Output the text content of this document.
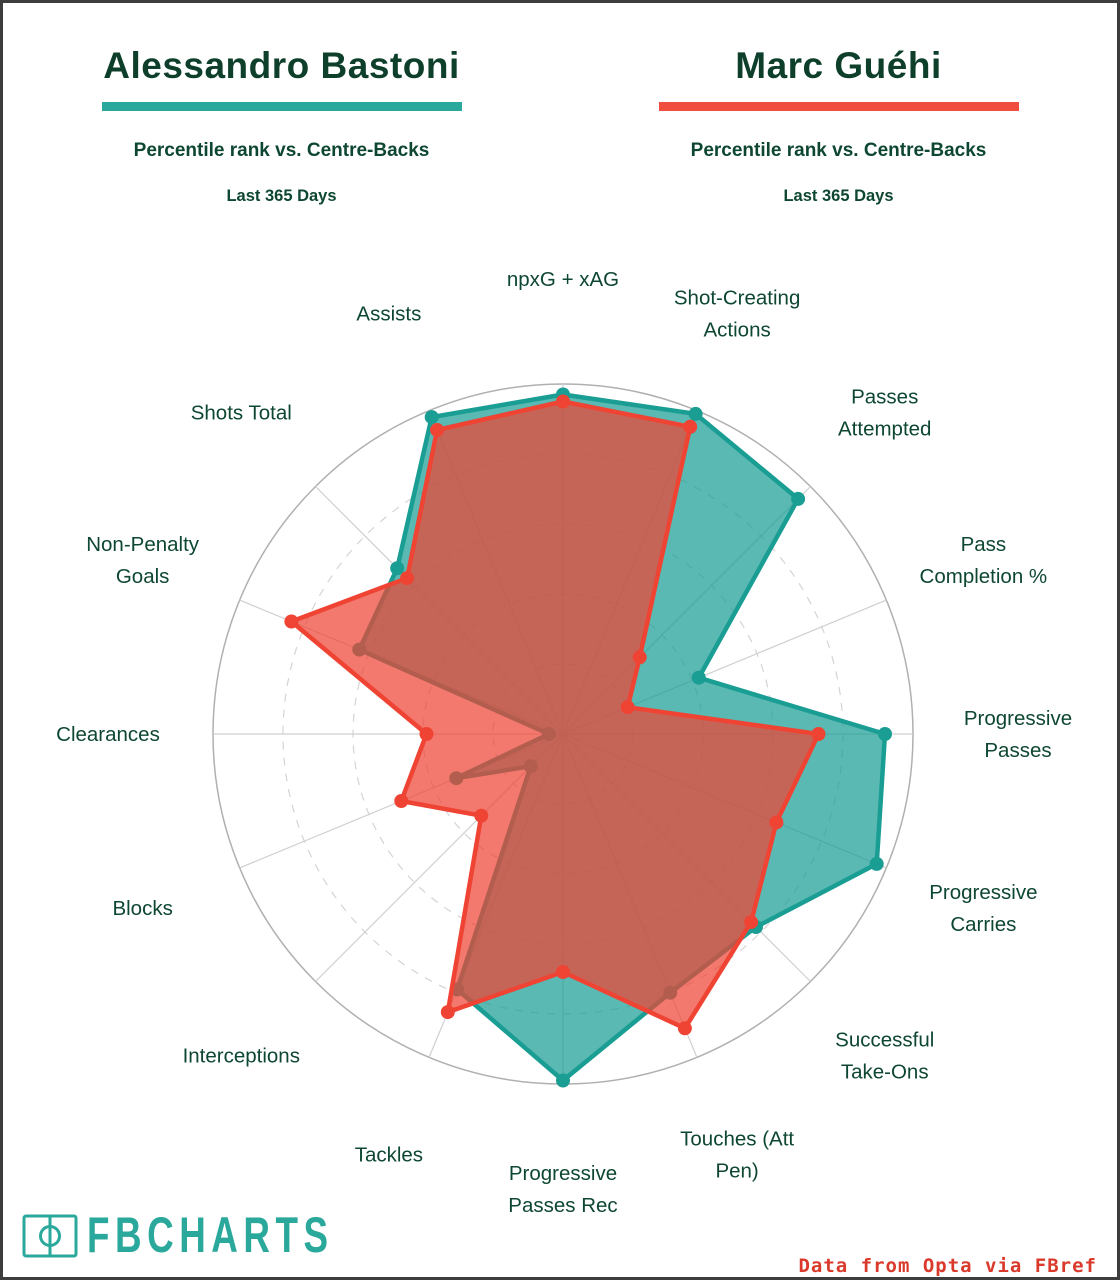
Alessandro Bastoni
Percentile rank vs. Centre-Backs
Last 365 Days
Marc Guéhi
Percentile rank vs. Centre-Backs
Last 365 Days
npxG + xAG
Shot-Creating Actions
Passes Attempted
Pass Completion %
Progressive Passes
Progressive Carries
Successful Take-Ons
Touches (Att Pen)
Progressive Passes Rec
Tackles
Interceptions
Blocks
Clearances
Non-Penalty Goals
Shots Total
Assists
FBCHARTS
Data from Opta via FBref
